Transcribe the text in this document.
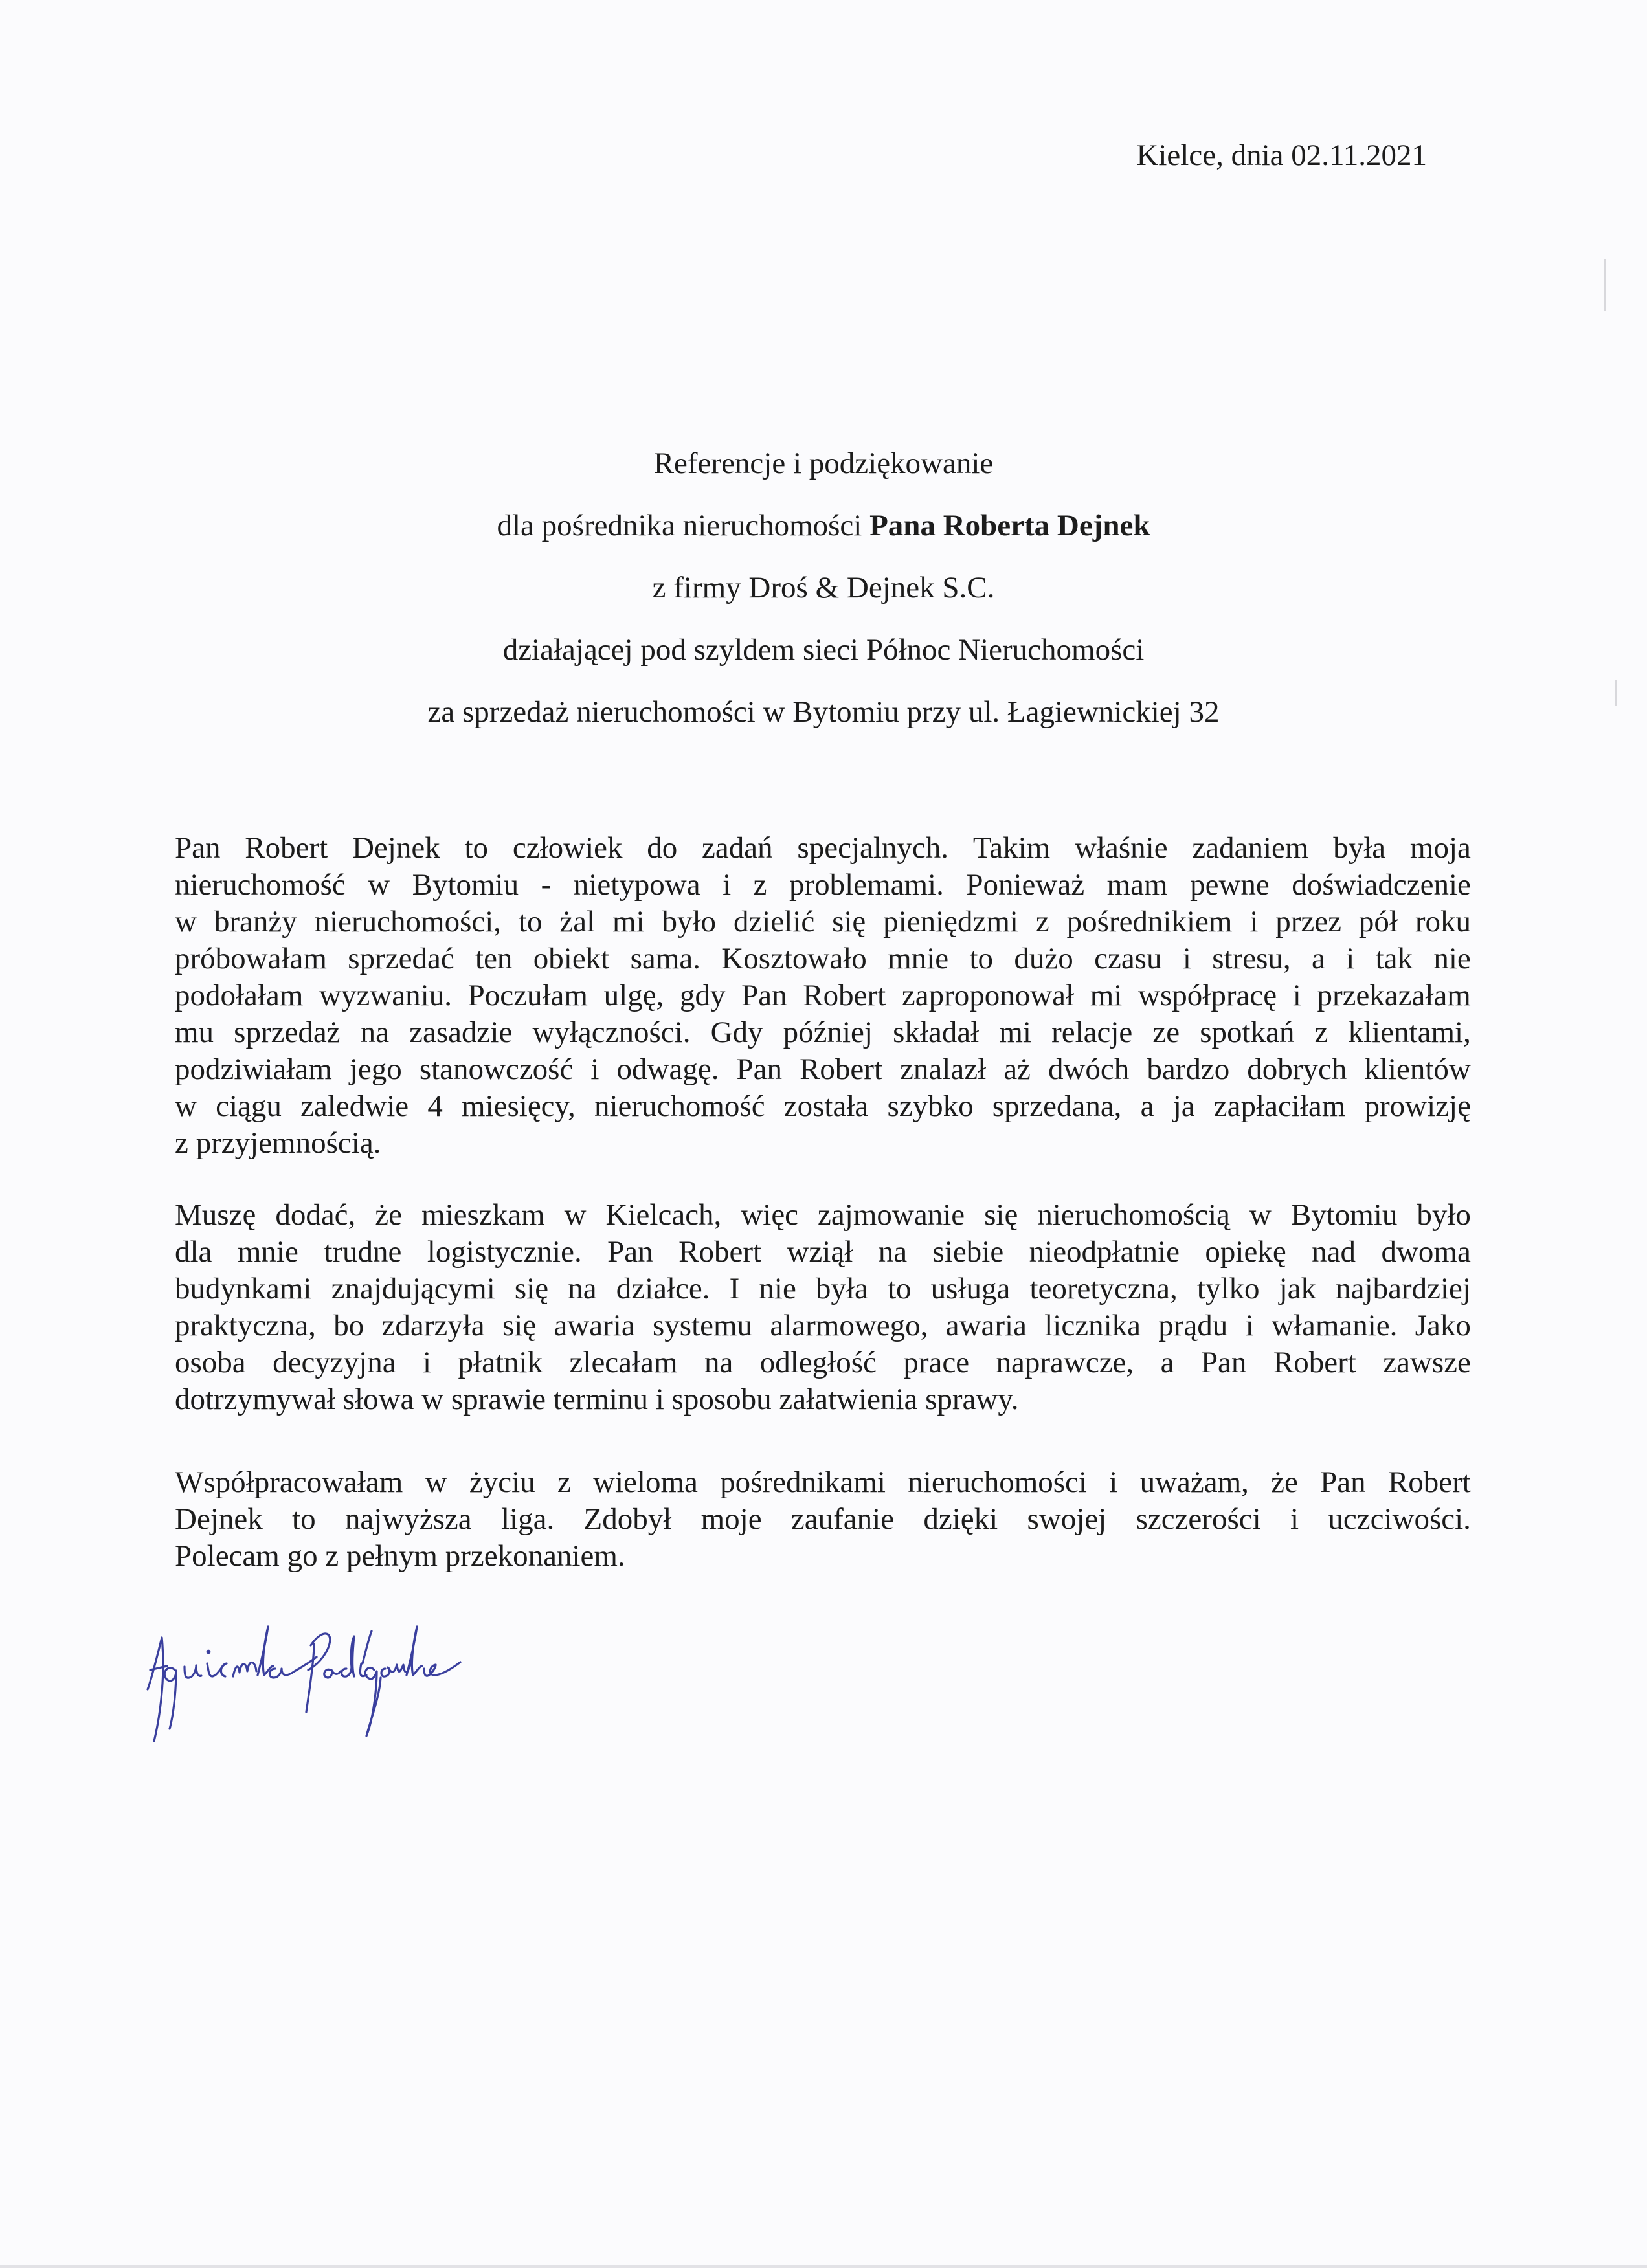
Kielce, dnia 02.11.2021
Referencje i podziękowanie
dla pośrednika nieruchomości Pana Roberta Dejnek
z firmy Droś & Dejnek S.C.
działającej pod szyldem sieci Północ Nieruchomości
za sprzedaż nieruchomości w Bytomiu przy ul. Łagiewnickiej 32
Pan Robert Dejnek to człowiek do zadań specjalnych. Takim właśnie zadaniem była moja
nieruchomość w Bytomiu - nietypowa i z problemami. Ponieważ mam pewne doświadczenie
w branży nieruchomości, to żal mi było dzielić się pieniędzmi z pośrednikiem i przez pół roku
próbowałam sprzedać ten obiekt sama. Kosztowało mnie to dużo czasu i stresu, a i tak nie
podołałam wyzwaniu. Poczułam ulgę, gdy Pan Robert zaproponował mi współpracę i przekazałam
mu sprzedaż na zasadzie wyłączności. Gdy później składał mi relacje ze spotkań z klientami,
podziwiałam jego stanowczość i odwagę. Pan Robert znalazł aż dwóch bardzo dobrych klientów
w ciągu zaledwie 4 miesięcy, nieruchomość została szybko sprzedana, a ja zapłaciłam prowizję
z przyjemnością.
Muszę dodać, że mieszkam w Kielcach, więc zajmowanie się nieruchomością w Bytomiu było
dla mnie trudne logistycznie. Pan Robert wziął na siebie nieodpłatnie opiekę nad dwoma
budynkami znajdującymi się na działce. I nie była to usługa teoretyczna, tylko jak najbardziej
praktyczna, bo zdarzyła się awaria systemu alarmowego, awaria licznika prądu i włamanie. Jako
osoba decyzyjna i płatnik zlecałam na odległość prace naprawcze, a Pan Robert zawsze
dotrzymywał słowa w sprawie terminu i sposobu załatwienia sprawy.
Współpracowałam w życiu z wieloma pośrednikami nieruchomości i uważam, że Pan Robert
Dejnek to najwyższa liga. Zdobył moje zaufanie dzięki swojej szczerości i uczciwości.
Polecam go z pełnym przekonaniem.
